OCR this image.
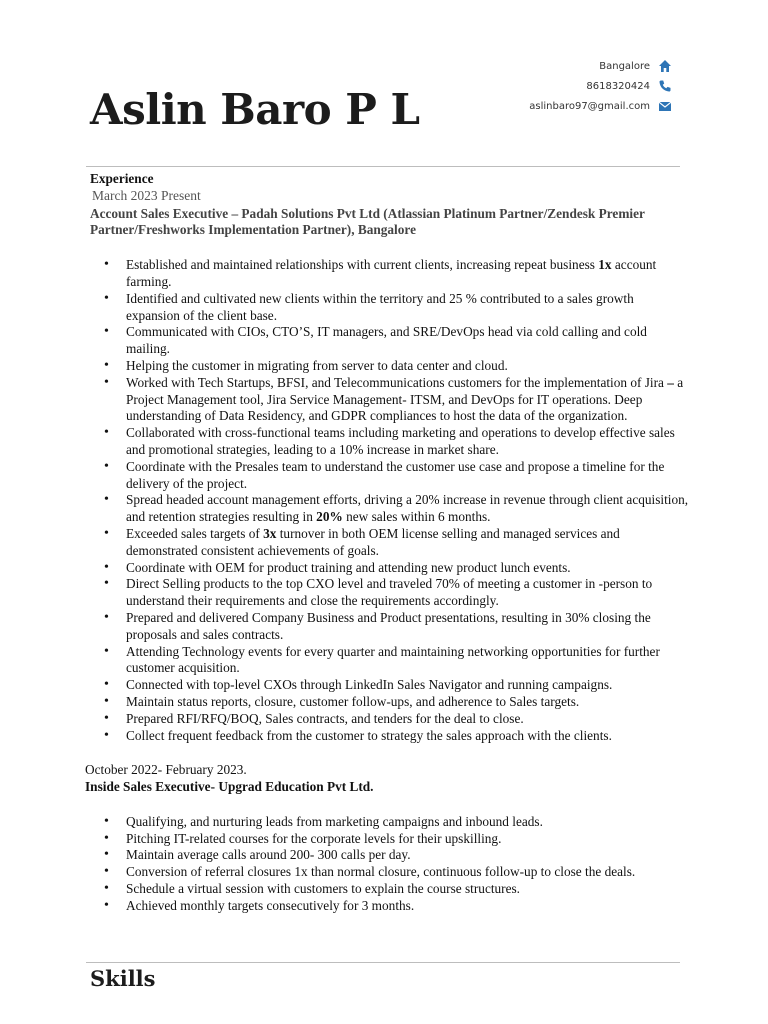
Aslin Baro P L
Bangalore
8618320424
aslinbaro97@gmail.com
Experience
March 2023 Present
Account Sales Executive – Padah Solutions Pvt Ltd (Atlassian Platinum Partner/Zendesk Premier Partner/Freshworks Implementation Partner), Bangalore
• Established and maintained relationships with current clients, increasing repeat business 1x account farming.
• Identified and cultivated new clients within the territory and 25 % contributed to a sales growth expansion of the client base.
• Communicated with CIOs, CTO’S, IT managers, and SRE/DevOps head via cold calling and cold mailing.
• Helping the customer in migrating from server to data center and cloud.
• Worked with Tech Startups, BFSI, and Telecommunications customers for the implementation of Jira – a Project Management tool, Jira Service Management- ITSM, and DevOps for IT operations. Deep understanding of Data Residency, and GDPR compliances to host the data of the organization.
• Collaborated with cross-functional teams including marketing and operations to develop effective sales and promotional strategies, leading to a 10% increase in market share.
• Coordinate with the Presales team to understand the customer use case and propose a timeline for the delivery of the project.
• Spread headed account management efforts, driving a 20% increase in revenue through client acquisition, and retention strategies resulting in 20% new sales within 6 months.
• Exceeded sales targets of 3x turnover in both OEM license selling and managed services and demonstrated consistent achievements of goals.
• Coordinate with OEM for product training and attending new product lunch events.
• Direct Selling products to the top CXO level and traveled 70% of meeting a customer in -person to understand their requirements and close the requirements accordingly.
• Prepared and delivered Company Business and Product presentations, resulting in 30% closing the proposals and sales contracts.
• Attending Technology events for every quarter and maintaining networking opportunities for further customer acquisition.
• Connected with top-level CXOs through LinkedIn Sales Navigator and running campaigns.
• Maintain status reports, closure, customer follow-ups, and adherence to Sales targets.
• Prepared RFI/RFQ/BOQ, Sales contracts, and tenders for the deal to close.
• Collect frequent feedback from the customer to strategy the sales approach with the clients.
October 2022- February 2023.
Inside Sales Executive- Upgrad Education Pvt Ltd.
• Qualifying, and nurturing leads from marketing campaigns and inbound leads.
• Pitching IT-related courses for the corporate levels for their upskilling.
• Maintain average calls around 200- 300 calls per day.
• Conversion of referral closures 1x than normal closure, continuous follow-up to close the deals.
• Schedule a virtual session with customers to explain the course structures.
• Achieved monthly targets consecutively for 3 months.
Skills
